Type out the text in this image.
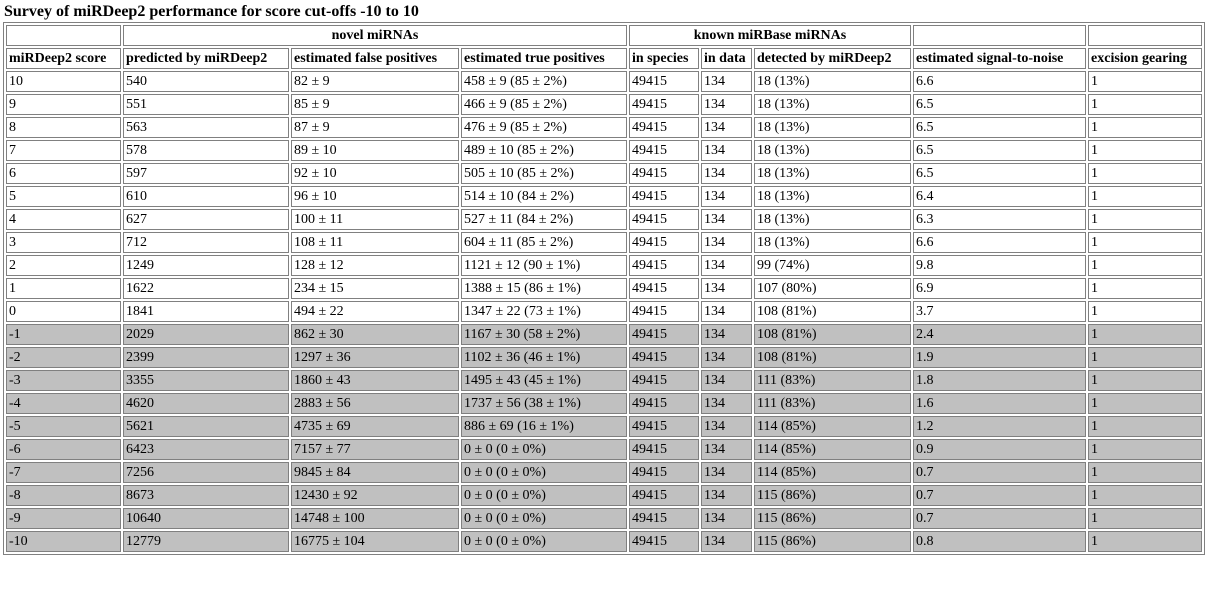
Survey of miRDeep2 performance for score cut-offs -10 to 10
	novel miRNAs			known miRBase miRNAs				
miRDeep2 score	predicted by miRDeep2	estimated false positives	estimated true positives	in species	in data	detected by miRDeep2	estimated signal-to-noise	excision gearing
10	540	82 ± 9	458 ± 9 (85 ± 2%)	49415	134	18 (13%)	6.6	1
9	551	85 ± 9	466 ± 9 (85 ± 2%)	49415	134	18 (13%)	6.5	1
8	563	87 ± 9	476 ± 9 (85 ± 2%)	49415	134	18 (13%)	6.5	1
7	578	89 ± 10	489 ± 10 (85 ± 2%)	49415	134	18 (13%)	6.5	1
6	597	92 ± 10	505 ± 10 (85 ± 2%)	49415	134	18 (13%)	6.5	1
5	610	96 ± 10	514 ± 10 (84 ± 2%)	49415	134	18 (13%)	6.4	1
4	627	100 ± 11	527 ± 11 (84 ± 2%)	49415	134	18 (13%)	6.3	1
3	712	108 ± 11	604 ± 11 (85 ± 2%)	49415	134	18 (13%)	6.6	1
2	1249	128 ± 12	1121 ± 12 (90 ± 1%)	49415	134	99 (74%)	9.8	1
1	1622	234 ± 15	1388 ± 15 (86 ± 1%)	49415	134	107 (80%)	6.9	1
0	1841	494 ± 22	1347 ± 22 (73 ± 1%)	49415	134	108 (81%)	3.7	1
-1	2029	862 ± 30	1167 ± 30 (58 ± 2%)	49415	134	108 (81%)	2.4	1
-2	2399	1297 ± 36	1102 ± 36 (46 ± 1%)	49415	134	108 (81%)	1.9	1
-3	3355	1860 ± 43	1495 ± 43 (45 ± 1%)	49415	134	111 (83%)	1.8	1
-4	4620	2883 ± 56	1737 ± 56 (38 ± 1%)	49415	134	111 (83%)	1.6	1
-5	5621	4735 ± 69	886 ± 69 (16 ± 1%)	49415	134	114 (85%)	1.2	1
-6	6423	7157 ± 77	0 ± 0 (0 ± 0%)	49415	134	114 (85%)	0.9	1
-7	7256	9845 ± 84	0 ± 0 (0 ± 0%)	49415	134	114 (85%)	0.7	1
-8	8673	12430 ± 92	0 ± 0 (0 ± 0%)	49415	134	115 (86%)	0.7	1
-9	10640	14748 ± 100	0 ± 0 (0 ± 0%)	49415	134	115 (86%)	0.7	1
-10	12779	16775 ± 104	0 ± 0 (0 ± 0%)	49415	134	115 (86%)	0.8	1
